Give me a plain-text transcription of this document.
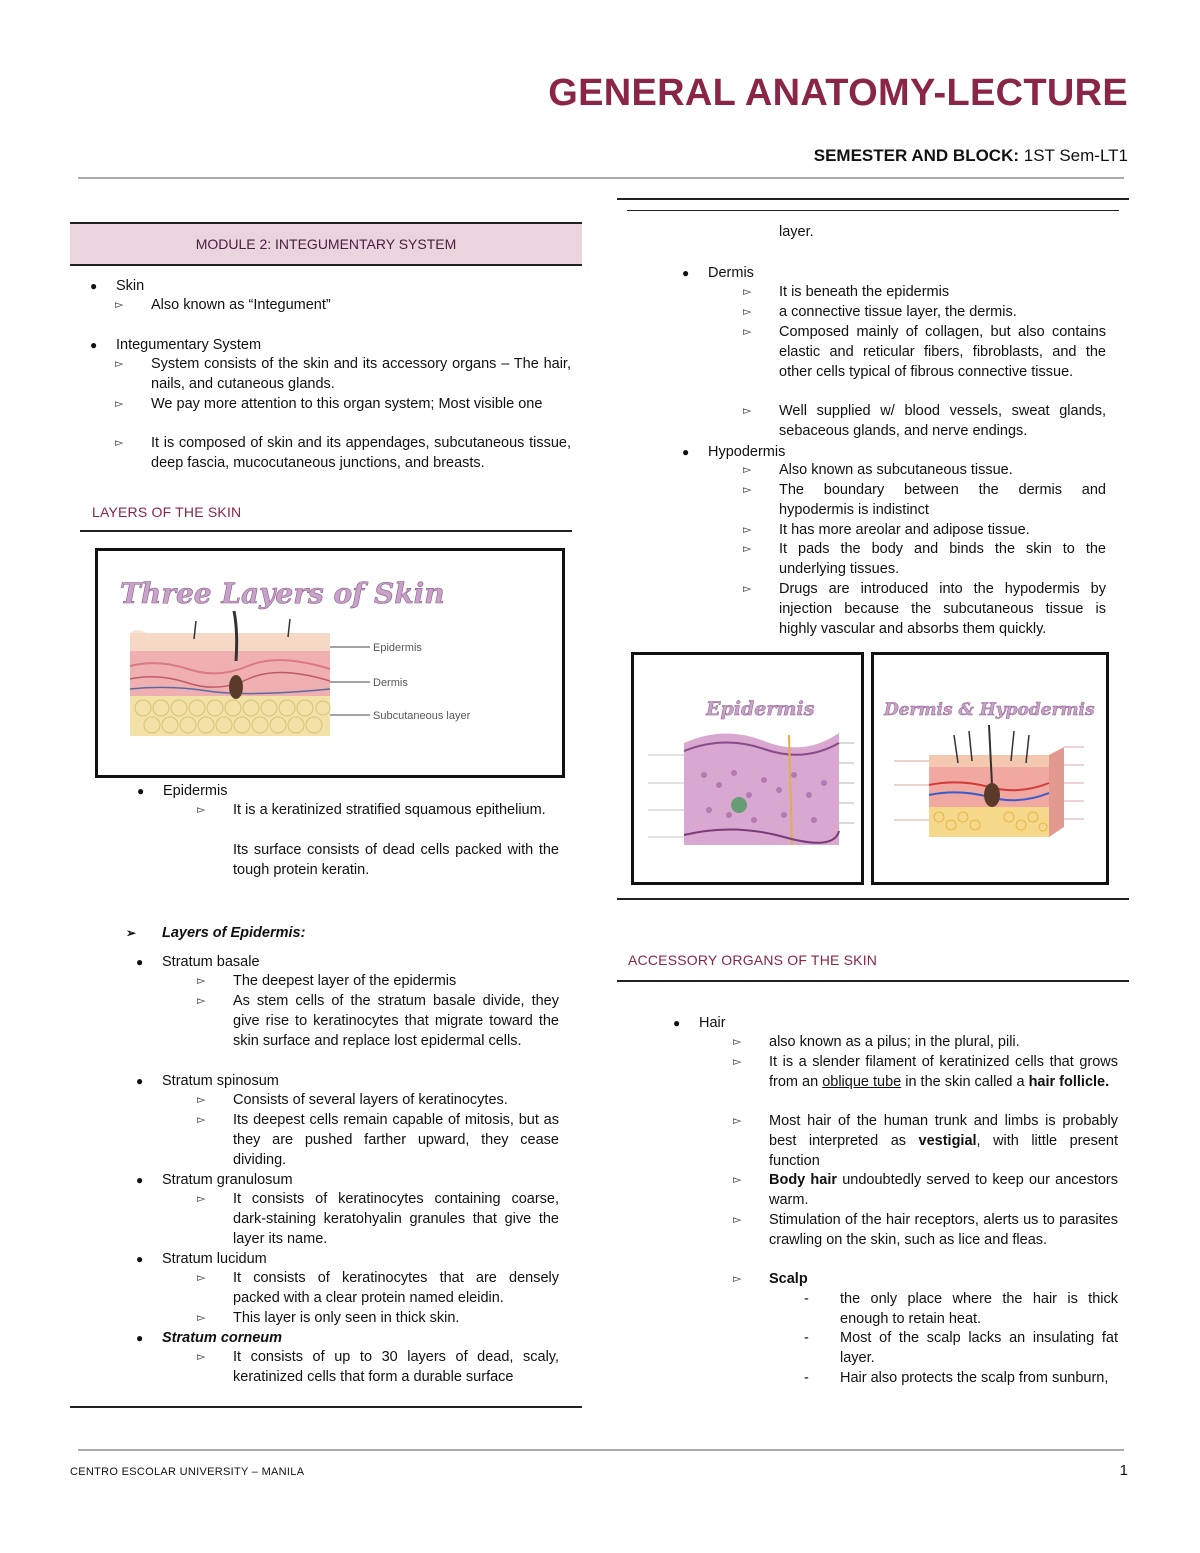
GENERAL ANATOMY-LECTURE
SEMESTER AND BLOCK: 1ST Sem-LT1
MODULE 2: INTEGUMENTARY SYSTEM
● Skin
▻ Also known as “Integument”
● Integumentary System
▻ System consists of the skin and its accessory organs – The hair, nails, and cutaneous glands.
▻ We pay more attention to this organ system; Most visible one
▻ It is composed of skin and its appendages, subcutaneous tissue, deep fascia, mucocutaneous junctions, and breasts.
LAYERS OF THE SKIN
Three Layers of Skin
Epidermis
Dermis
Subcutaneous layer
● Epidermis
▻ It is a keratinized stratified squamous epithelium.
Its surface consists of dead cells packed with the tough protein keratin.
➢ Layers of Epidermis:
● Stratum basale
▻ The deepest layer of the epidermis
▻ As stem cells of the stratum basale divide, they give rise to keratinocytes that migrate toward the skin surface and replace lost epidermal cells.
● Stratum spinosum
▻ Consists of several layers of keratinocytes.
▻ Its deepest cells remain capable of mitosis, but as they are pushed farther upward, they cease dividing.
● Stratum granulosum
▻ It consists of keratinocytes containing coarse, dark-staining keratohyalin granules that give the layer its name.
● Stratum lucidum
▻ It consists of keratinocytes that are densely packed with a clear protein named eleidin.
▻ This layer is only seen in thick skin.
● Stratum corneum
▻ It consists of up to 30 layers of dead, scaly, keratinized cells that form a durable surface
layer.
● Dermis
▻ It is beneath the epidermis
▻ a connective tissue layer, the dermis.
▻ Composed mainly of collagen, but also contains elastic and reticular fibers, fibroblasts, and the other cells typical of fibrous connective tissue.
▻ Well supplied w/ blood vessels, sweat glands, sebaceous glands, and nerve endings.
● Hypodermis
▻ Also known as subcutaneous tissue.
▻ The boundary between the dermis and hypodermis is indistinct
▻ It has more areolar and adipose tissue.
▻ It pads the body and binds the skin to the underlying tissues.
▻ Drugs are introduced into the hypodermis by injection because the subcutaneous tissue is highly vascular and absorbs them quickly.
Epidermis	Dermis & Hypodermis
ACCESSORY ORGANS OF THE SKIN
● Hair
▻ also known as a pilus; in the plural, pili.
▻ It is a slender filament of keratinized cells that grows from an oblique tube in the skin called a hair follicle.
▻ Most hair of the human trunk and limbs is probably best interpreted as vestigial, with little present function
▻ Body hair undoubtedly served to keep our ancestors warm.
▻ Stimulation of the hair receptors, alerts us to parasites crawling on the skin, such as lice and fleas.
▻ Scalp
- the only place where the hair is thick enough to retain heat.
- Most of the scalp lacks an insulating fat layer.
- Hair also protects the scalp from sunburn,
CENTRO ESCOLAR UNIVERSITY – MANILA	1
